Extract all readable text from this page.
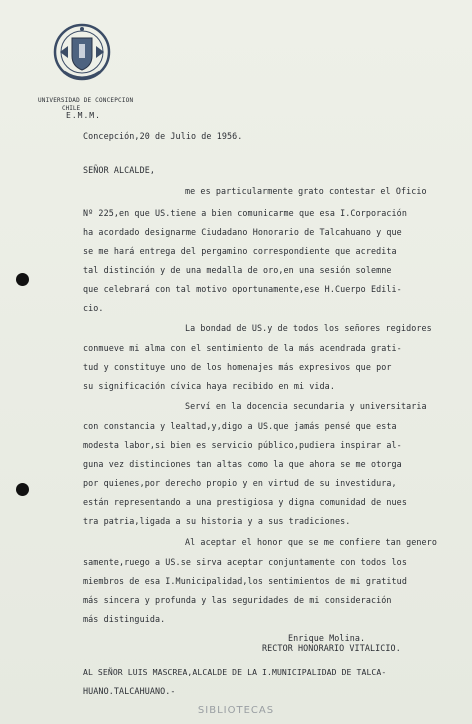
UNIVERSIDAD DE CONCEPCION
CHILE
E.M.M.
Concepción,20 de Julio de 1956.
SEÑOR ALCALDE,
me es particularmente grato contestar el Oficio
Nº 225,en que US.tiene a bien comunicarme que esa I.Corporación
ha acordado designarme Ciudadano Honorario de Talcahuano y que
se me hará entrega del pergamino correspondiente que acredita
tal distinción y de una medalla de oro,en una sesión solemne
que celebrará con tal motivo oportunamente,ese H.Cuerpo Edili-
cio.
La bondad de US.y de todos los señores regidores
conmueve mi alma con el sentimiento de la más acendrada grati-
tud y constituye uno de los homenajes más expresivos que por
su significación cívica haya recibido en mi vida.
Serví en la docencia secundaria y universitaria
con constancia y lealtad,y,digo a US.que jamás pensé que esta
modesta labor,si bien es servicio público,pudiera inspirar al-
guna vez distinciones tan altas como la que ahora se me otorga
por quienes,por derecho propio y en virtud de su investidura,
están representando a una prestigiosa y digna comunidad de nues
tra patria,ligada a su historia y a sus tradiciones.
Al aceptar el honor que se me confiere tan genero
samente,ruego a US.se sirva aceptar conjuntamente con todos los
miembros de esa I.Municipalidad,los sentimientos de mi gratitud
más sincera y profunda y las seguridades de mi consideración
más distinguida.
Enrique Molina.
RECTOR HONORARIO VITALICIO.
AL SEÑOR LUIS MASCREA,ALCALDE DE LA I.MUNICIPALIDAD DE TALCA-
HUANO.TALCAHUANO.-
SIBLIOTECAS
